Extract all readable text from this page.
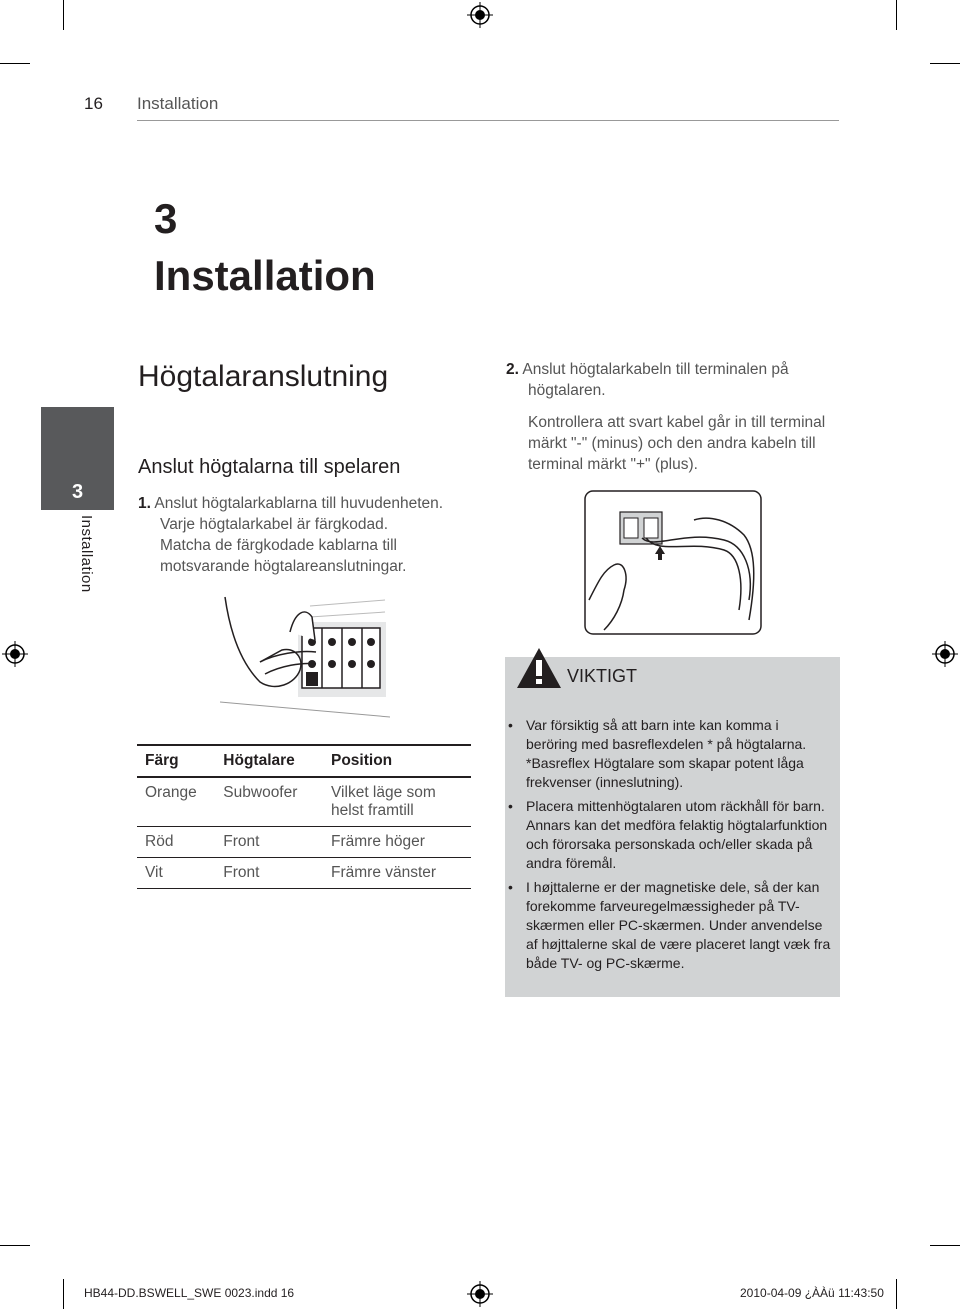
16 Installation
3
Installation
3
Installation
Högtalaranslutning
Anslut högtalarna till spelaren
1. Anslut högtalarkablarna till huvudenheten.
Varje högtalarkabel är färgkodad.
Matcha de färgkodade kablarna till
motsvarande högtalareanslutningar.
Färg	Högtalare	Position
Orange	Subwoofer	Vilket läge som helst framtill
Röd	Front	Främre höger
Vit	Front	Främre vänster
2. Anslut högtalarkabeln till terminalen på
högtalaren.
Kontrollera att svart kabel går in till terminal
märkt "-" (minus) och den andra kabeln till
terminal märkt "+" (plus).
VIKTIGT
• Var försiktig så att barn inte kan komma i beröring med basreflexdelen * på högtalarna. *Basreflex Högtalare som skapar potent låga frekvenser (inneslutning).
• Placera mittenhögtalaren utom räckhåll för barn. Annars kan det medföra felaktig högtalarfunktion och förorsaka personskada och/eller skada på andra föremål.
• I højttalerne er der magnetiske dele, så der kan forekomme farveuregelmæssigheder på TV-skærmen eller PC-skærmen. Under anvendelse af højttalerne skal de være placeret langt væk fra både TV- og PC-skærme.
HB44-DD.BSWELL_SWE 0023.indd 16	2010-04-09 ¿ÀÀü 11:43:50
